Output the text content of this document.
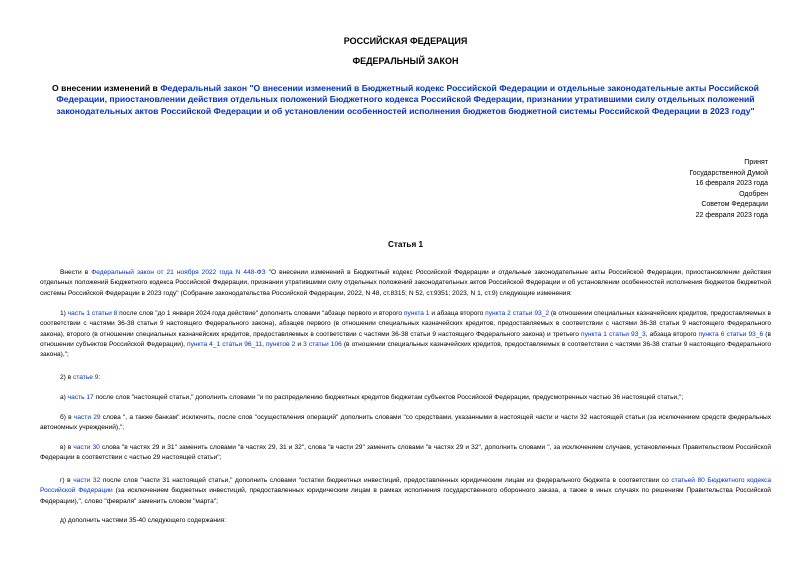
РОССИЙСКАЯ ФЕДЕРАЦИЯ
ФЕДЕРАЛЬНЫЙ ЗАКОН
О внесении изменений в Федеральный закон "О внесении изменений в Бюджетный кодекс Российской Федерации и отдельные законодательные акты Российской Федерации, приостановлении действия отдельных положений Бюджетного кодекса Российской Федерации, признании утратившими силу отдельных положений законодательных актов Российской Федерации и об установлении особенностей исполнения бюджетов бюджетной системы Российской Федерации в 2023 году"
Принят
Государственной Думой
16 февраля 2023 года
Одобрен
Советом Федерации
22 февраля 2023 года
Статья 1
Внести в Федеральный закон от 21 ноября 2022 года N 448-ФЗ "О внесении изменений в Бюджетный кодекс Российской Федерации и отдельные законодательные акты Российской Федерации, приостановлении действия отдельных положений Бюджетного кодекса Российской Федерации, признании утратившими силу отдельных положений законодательных актов Российской Федерации и об установлении особенностей исполнения бюджетов бюджетной системы Российской Федерации в 2023 году" (Собрание законодательства Российской Федерации, 2022, N 48, ст.8315; N 52, ст.9351; 2023, N 1, ст.9) следующие изменения:
1) часть 1 статьи 8 после слов "до 1 января 2024 года действие" дополнить словами "абзаце первого и второго пункта 1 и абзаца второго пункта 2 статьи 93_2 (в отношении специальных казначейских кредитов, предоставляемых в соответствии с частями 36-38 статьи 9 настоящего Федерального закона), абзацев первого (в отношении специальных казначейских кредитов, предоставляемых в соответствии с частями 36-38 статьи 9 настоящего Федерального закона), второго (в отношении специальных казначейских кредитов, предоставляемых в соответствии с частями 36-38 статьи 9 настоящего Федерального закона) и третьего пункта 1 статьи 93_3, абзаца второго пункта 6 статьи 93_6 (в отношении субъектов Российской Федерации), пункта 4_1 статьи 96_11, пунктов 2 и 3 статьи 106 (в отношении специальных казначейских кредитов, предоставляемых в соответствии с частями 36-38 статьи 9 настоящего Федерального закона),";
2) в статье 9:
а) часть 17 после слов "настоящей статьи," дополнить словами "и по распределению бюджетных кредитов бюджетам субъектов Российской Федерации, предусмотренных частью 36 настоящей статьи,";
б) в части 29 слова ", а также банкам" исключить, после слов "осуществления операций" дополнить словами "со средствами, указанными в настоящей части и части 32 настоящей статьи (за исключением средств федеральных автономных учреждений),";
в) в части 30 слова "в частях 29 и 31" заменить словами "в частях 29, 31 и 32", слова "в части 29" заменить словами "в частях 29 и 32", дополнить словами ", за исключением случаев, установленных Правительством Российской Федерации в соответствии с частью 29 настоящей статьи";
г) в части 32 после слов "части 31 настоящей статьи," дополнить словами "остатки бюджетных инвестиций, предоставленных юридическим лицам из федерального бюджета в соответствии со статьей 80 Бюджетного кодекса Российской Федерации (за исключением бюджетных инвестиций, предоставленных юридическим лицам в рамках исполнения государственного оборонного заказа, а также в иных случаях по решениям Правительства Российской Федерации),", слово "февраля" заменить словом "марта";
д) дополнить частями 35-40 следующего содержания:
